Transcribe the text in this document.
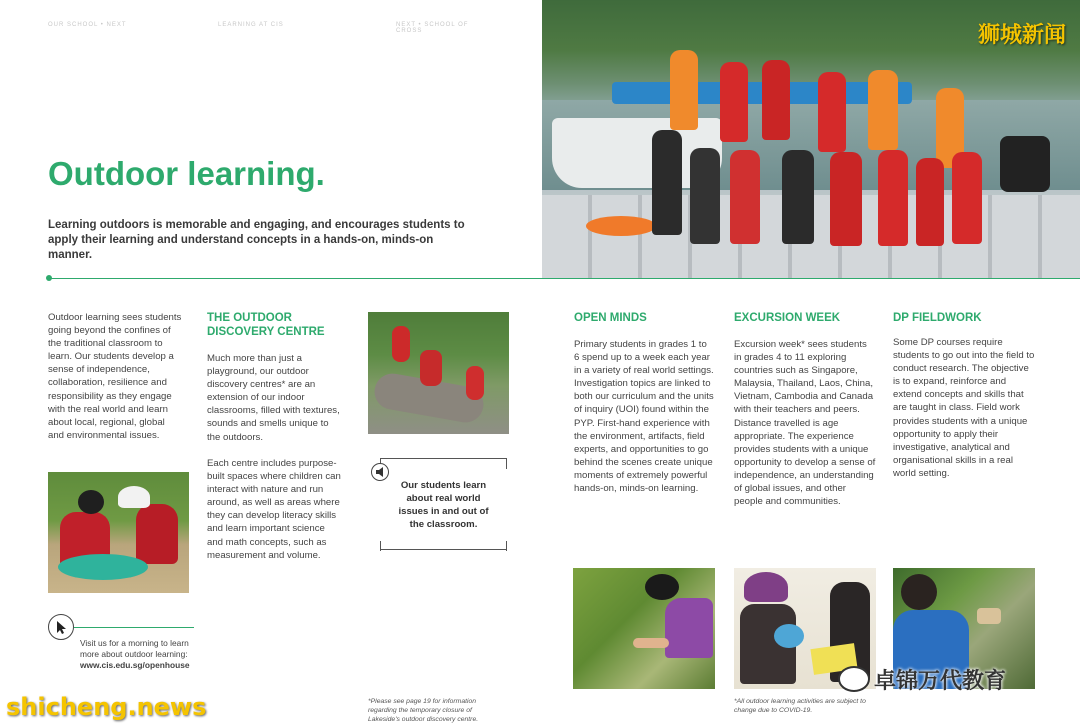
OUR SCHOOL • NEXT	LEARNING AT CIS	NEXT • SCHOOL OF CROSS	狮城新闻
Outdoor learning.

Learning outdoors is memorable and engaging, and encourages students to apply their learning and understand concepts in a hands-on, minds-on manner.

Outdoor learning sees students going beyond the confines of the traditional classroom to learn. Our students develop a sense of independence, collaboration, resilience and responsibility as they engage with the real world and learn about local, regional, global and environmental issues.

Visit us for a morning to learn more about outdoor learning:
www.cis.edu.sg/openhouse
THE OUTDOOR DISCOVERY CENTRE

Much more than just a playground, our outdoor discovery centres* are an extension of our indoor classrooms, filled with textures, sounds and smells unique to the outdoors.

Each centre includes purpose-built spaces where children can interact with nature and run around, as well as areas where they can develop literacy skills and learn important science and math concepts, such as measurement and volume.

Our students learn about real world issues in and out of the classroom.

*Please see page 19 for information regarding the temporary closure of Lakeside's outdoor discovery centre.

OPEN MINDS

Primary students in grades 1 to 6 spend up to a week each year in a variety of real world settings. Investigation topics are linked to both our curriculum and the units of inquiry (UOI) found within the PYP. First-hand experience with the environment, artifacts, field experts, and opportunities to go behind the scenes create unique moments of extremely powerful hands-on, minds-on learning.

EXCURSION WEEK

Excursion week* sees students in grades 4 to 11 exploring countries such as Singapore, Malaysia, Thailand, Laos, China, Vietnam, Cambodia and Canada with their teachers and peers. Distance travelled is age appropriate. The experience provides students with a unique opportunity to develop a sense of independence, an understanding of global issues, and other people and communities.

*All outdoor learning activities are subject to change due to COVID-19.

DP FIELDWORK

Some DP courses require students to go out into the field to conduct research. The objective is to expand, reinforce and extend concepts and skills that are taught in class. Field work provides students with a unique opportunity to apply their investigative, analytical and organisational skills in a real world setting.

卓锦万代教育
shicheng.news
